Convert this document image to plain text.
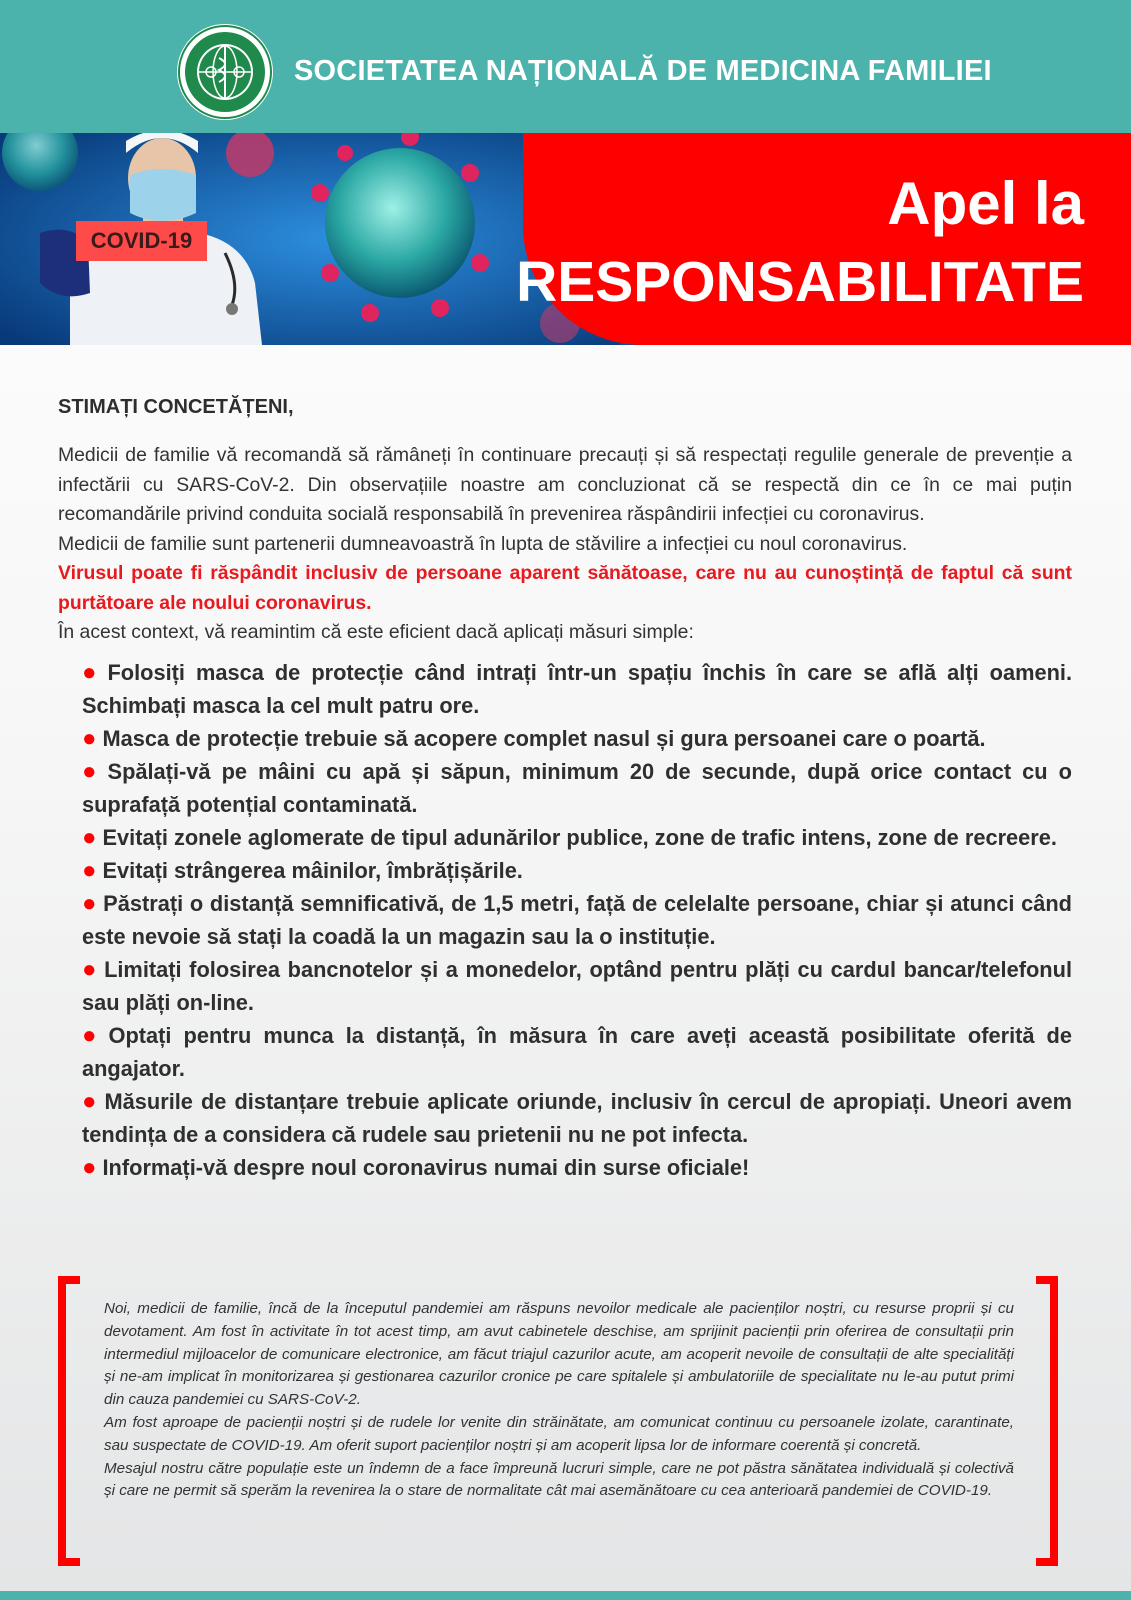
SOCIETATEA NAȚIONALĂ DE MEDICINA FAMILIEI
COVID-19
Apel la
RESPONSABILITATE

STIMAȚI CONCETĂȚENI,

Medicii de familie vă recomandă să rămâneți în continuare precauți și să respectați regulile generale de prevenție a infectării cu SARS-CoV-2. Din observațiile noastre am concluzionat că se respectă din ce în ce mai puțin recomandările privind conduita socială responsabilă în prevenirea răspândirii infecției cu coronavirus.

Medicii de familie sunt partenerii dumneavoastră în lupta de stăvilire a infecției cu noul coronavirus.

Virusul poate fi răspândit inclusiv de persoane aparent sănătoase, care nu au cunoștință de faptul că sunt purtătoare ale noului coronavirus.

În acest context, vă reamintim că este eficient dacă aplicați măsuri simple:

● Folosiți masca de protecție când intrați într-un spațiu închis în care se află alți oameni. Schimbați masca la cel mult patru ore.
● Masca de protecție trebuie să acopere complet nasul și gura persoanei care o poartă.
● Spălați-vă pe mâini cu apă și săpun, minimum 20 de secunde, după orice contact cu o suprafață potențial contaminată.
● Evitați zonele aglomerate de tipul adunărilor publice, zone de trafic intens, zone de recreere.
● Evitați strângerea mâinilor, îmbrățișările.
● Păstrați o distanță semnificativă, de 1,5 metri, față de celelalte persoane, chiar și atunci când este nevoie să stați la coadă la un magazin sau la o instituție.
● Limitați folosirea bancnotelor și a monedelor, optând pentru plăți cu cardul bancar/telefonul sau plăți on-line.
● Optați pentru munca la distanță, în măsura în care aveți această posibilitate oferită de angajator.
● Măsurile de distanțare trebuie aplicate oriunde, inclusiv în cercul de apropiați. Uneori avem tendința de a considera că rudele sau prietenii nu ne pot infecta.
● Informați-vă despre noul coronavirus numai din surse oficiale!

Noi, medicii de familie, încă de la începutul pandemiei am răspuns nevoilor medicale ale pacienților noștri, cu resurse proprii și cu devotament. Am fost în activitate în tot acest timp, am avut cabinetele deschise, am sprijinit pacienții prin oferirea de consultații prin intermediul mijloacelor de comunicare electronice, am făcut triajul cazurilor acute, am acoperit nevoile de consultații de alte specialități și ne-am implicat în monitorizarea și gestionarea cazurilor cronice pe care spitalele și ambulatoriile de specialitate nu le-au putut primi din cauza pandemiei cu SARS-CoV-2.

Am fost aproape de pacienții noștri și de rudele lor venite din străinătate, am comunicat continuu cu persoanele izolate, carantinate, sau suspectate de COVID-19. Am oferit suport pacienților noștri și am acoperit lipsa lor de informare coerentă și concretă.

Mesajul nostru către populație este un îndemn de a face împreună lucruri simple, care ne pot păstra sănătatea individuală și colectivă și care ne permit să sperăm la revenirea la o stare de normalitate cât mai asemănătoare cu cea anterioară pandemiei de COVID-19.
